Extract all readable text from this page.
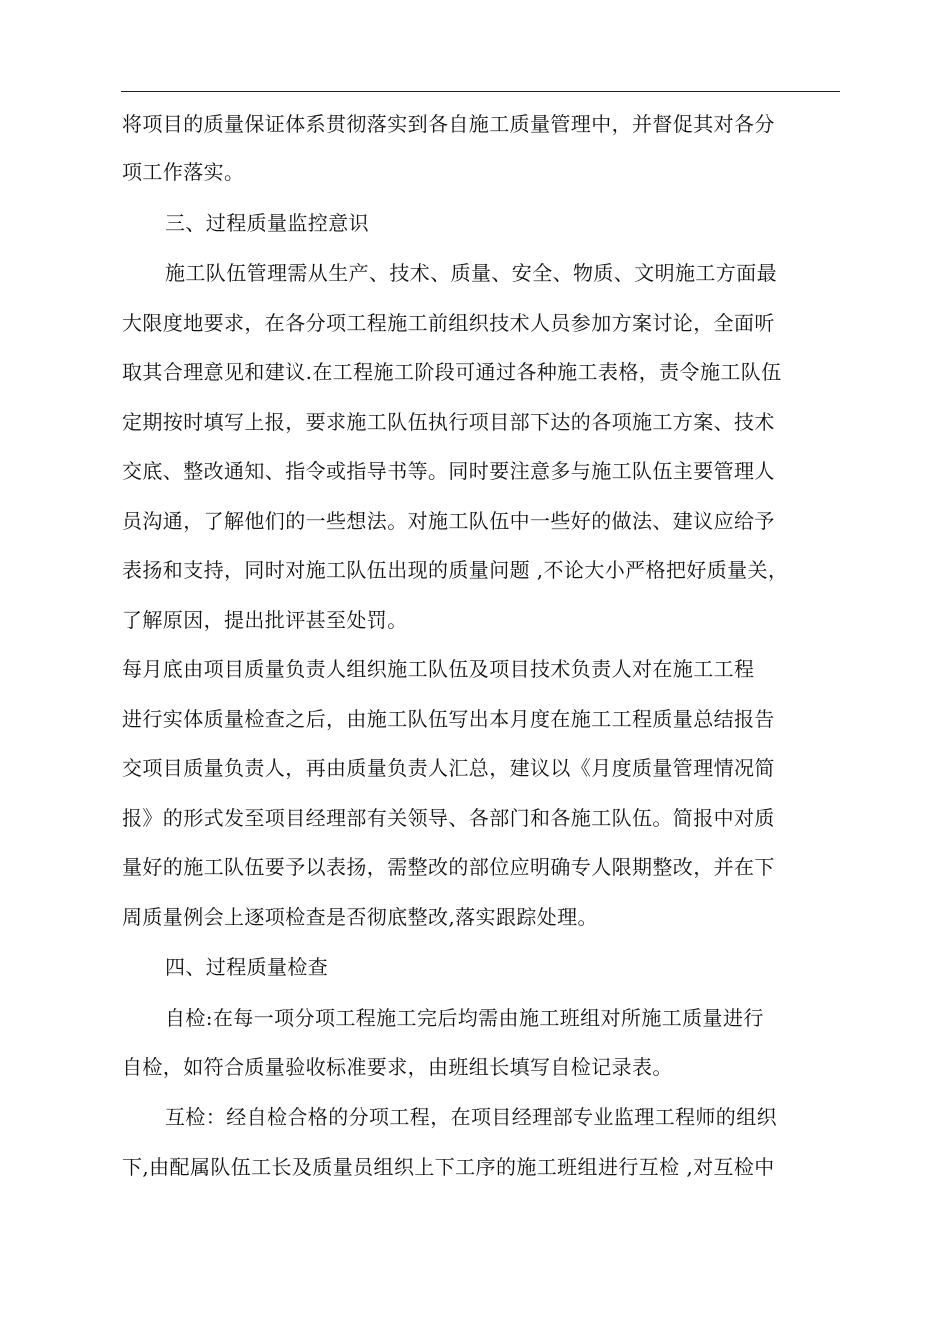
将项目的质量保证体系贯彻落实到各自施工质量管理中，并督促其对各分
项工作落实。
三、过程质量监控意识
施工队伍管理需从生产、技术、质量、安全、物质、文明施工方面最
大限度地要求，在各分项工程施工前组织技术人员参加方案讨论，全面听
取其合理意见和建议.在工程施工阶段可通过各种施工表格，责令施工队伍
定期按时填写上报，要求施工队伍执行项目部下达的各项施工方案、技术
交底、整改通知、指令或指导书等。同时要注意多与施工队伍主要管理人
员沟通，了解他们的一些想法。对施工队伍中一些好的做法、建议应给予
表扬和支持，同时对施工队伍出现的质量问题 ,不论大小严格把好质量关，
了解原因，提出批评甚至处罚。
每月底由项目质量负责人组织施工队伍及项目技术负责人对在施工工程
进行实体质量检查之后，由施工队伍写出本月度在施工工程质量总结报告
交项目质量负责人，再由质量负责人汇总，建议以《月度质量管理情况简
报》的形式发至项目经理部有关领导、各部门和各施工队伍。简报中对质
量好的施工队伍要予以表扬，需整改的部位应明确专人限期整改，并在下
周质量例会上逐项检查是否彻底整改,落实跟踪处理。
四、过程质量检查
自检:在每一项分项工程施工完后均需由施工班组对所施工质量进行
自检，如符合质量验收标准要求，由班组长填写自检记录表。
互检：经自检合格的分项工程，在项目经理部专业监理工程师的组织
下,由配属队伍工长及质量员组织上下工序的施工班组进行互检 ,对互检中
